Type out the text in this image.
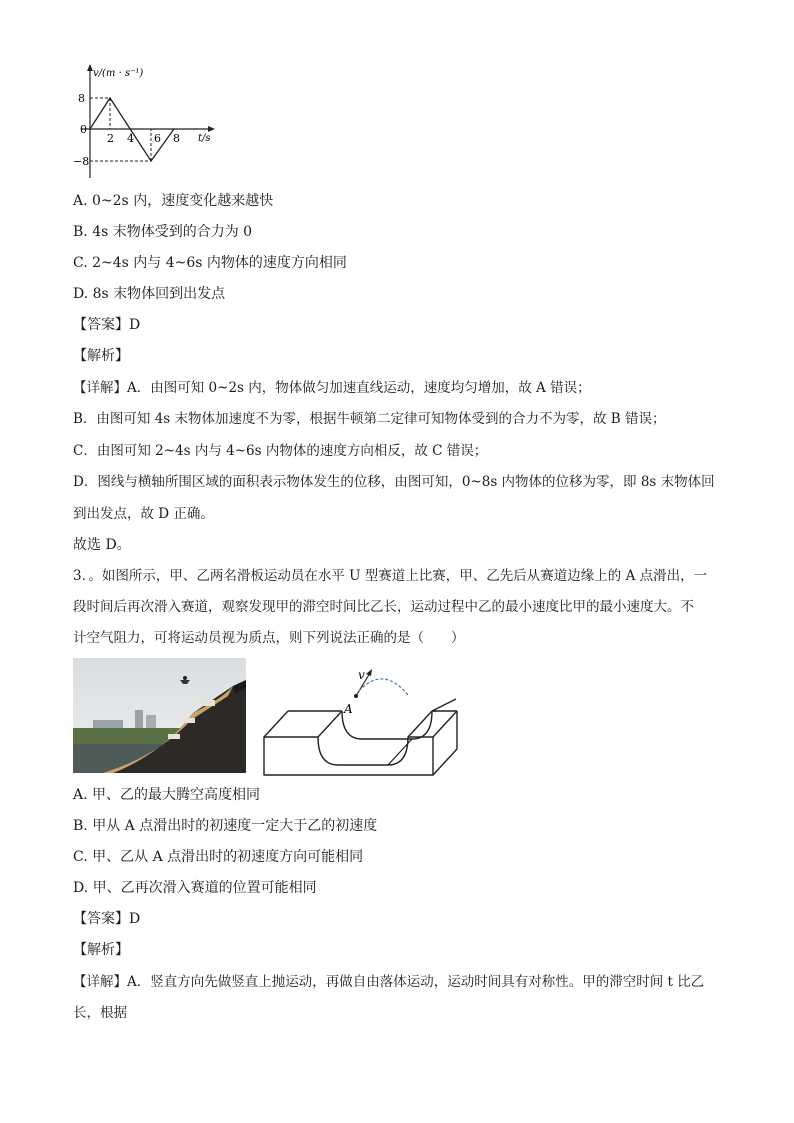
v/(m · s⁻¹)
8
0
−8
2 4 6 8 t/s
A. 0~2s 内，速度变化越来越快
B. 4s 末物体受到的合力为 0
C. 2~4s 内与 4~6s 内物体的速度方向相同
D. 8s 末物体回到出发点
【答案】D
【解析】
【详解】A．由图可知 0~2s 内，物体做匀加速直线运动，速度均匀增加，故 A 错误；
B．由图可知 4s 末物体加速度不为零，根据牛顿第二定律可知物体受到的合力不为零，故 B 错误；
C．由图可知 2~4s 内与 4~6s 内物体的速度方向相反，故 C 错误；
D．图线与横轴所围区域的面积表示物体发生的位移，由图可知，0~8s 内物体的位移为零，即 8s 末物体回
到出发点，故 D 正确。
故选 D。
3．。如图所示，甲、乙两名滑板运动员在水平 U 型赛道上比赛，甲、乙先后从赛道边缘上的 A 点滑出，一
段时间后再次滑入赛道，观察发现甲的滞空时间比乙长，运动过程中乙的最小速度比甲的最小速度大。不
计空气阻力，可将运动员视为质点，则下列说法正确的是（　　）
v
A
A. 甲、乙的最大腾空高度相同
B. 甲从 A 点滑出时的初速度一定大于乙的初速度
C. 甲、乙从 A 点滑出时的初速度方向可能相同
D. 甲、乙再次滑入赛道的位置可能相同
【答案】D
【解析】
【详解】A．竖直方向先做竖直上抛运动，再做自由落体运动，运动时间具有对称性。甲的滞空时间 t 比乙
长，根据
